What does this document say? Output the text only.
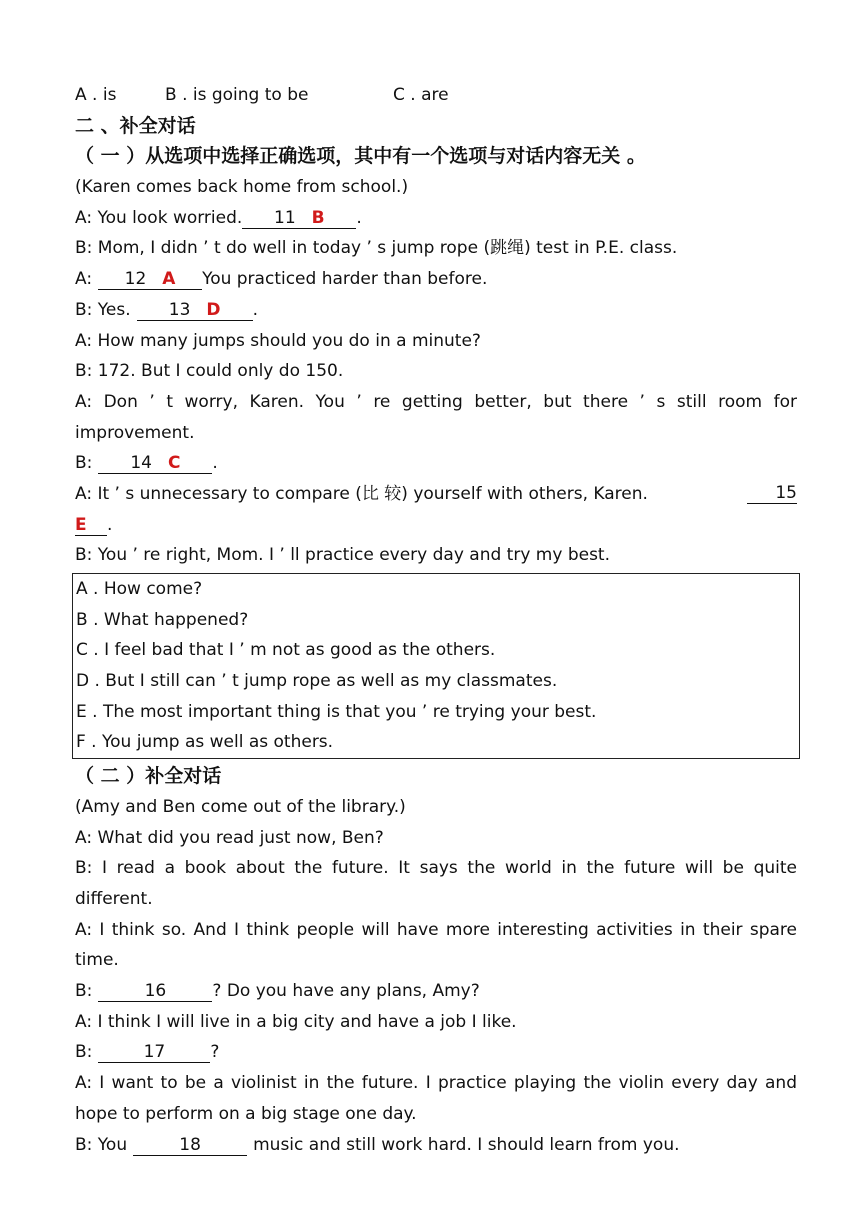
A . is	B . is going to be	C . are
二 、补全对话
（ 一 ）从选项中选择正确选项，其中有一个选项与对话内容无关 。
(Karen comes back home from school.)
A: You look worried. 11 B .
B: Mom, I didn ’ t do well in today ’ s jump rope (跳绳) test in P.E. class.
A: 12 A You practiced harder than before.
B: Yes. 13 D .
A: How many jumps should you do in a minute?
B: 172. But I could only do 150.
A: Don ’ t worry, Karen. You ’ re getting better, but there ’ s still room for improvement.
B: 14 C .
A: It ’ s unnecessary to compare (比 较) yourself with others, Karen.	15
E .
B: You ’ re right, Mom. I ’ ll practice every day and try my best.
A . How come?
B . What happened?
C . I feel bad that I ’ m not as good as the others.
D . But I still can ’ t jump rope as well as my classmates.
E . The most important thing is that you ’ re trying your best.
F . You jump as well as others.
（ 二 ）补全对话
(Amy and Ben come out of the library.)
A: What did you read just now, Ben?
B: I read a book about the future. It says the world in the future will be quite different.
A: I think so. And I think people will have more interesting activities in their spare time.
B:	16	? Do you have any plans, Amy?
A: I think I will live in a big city and have a job I like.
B:	17	?
A: I want to be a violinist in the future. I practice playing the violin every day and hope to perform on a big stage one day.
B: You	18	music and still work hard. I should learn from you.
